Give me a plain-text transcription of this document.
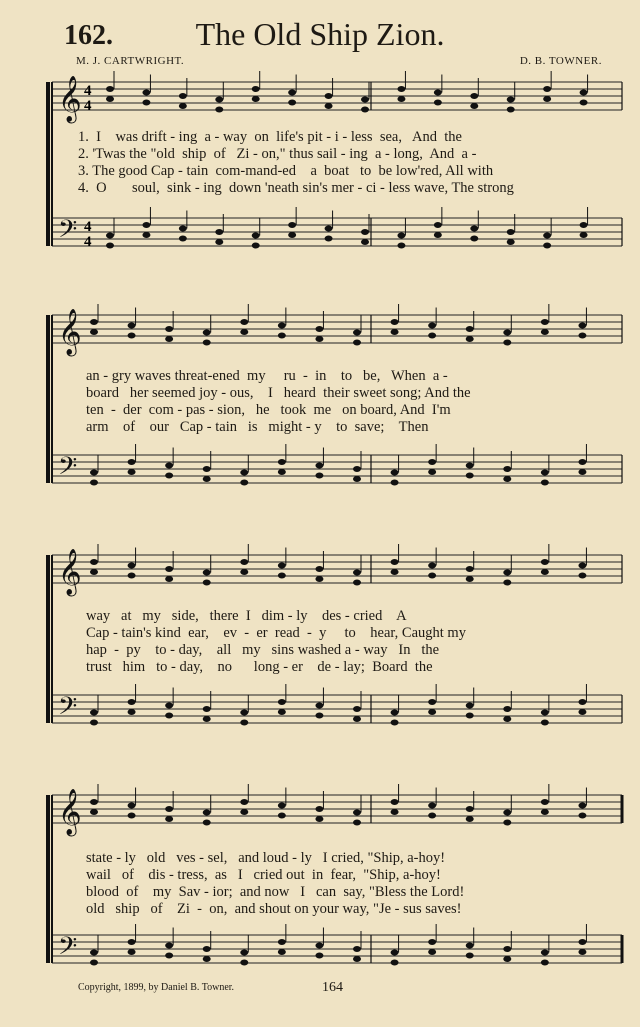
162.	The Old Ship Zion.
M. J. CARTWRIGHT.	D. B. TOWNER.
𝄞 4
4
𝄢 4
4
1.  I    was drift - ing  a - way  on  life's pit - i - less  sea,   And  the
2. 'Twas the "old  ship  of   Zi - on," thus sail - ing  a - long,  And  a -
3. The good Cap - tain  com-mand-ed    a  boat   to  be low'red, All with
4.  O       soul,  sink - ing  down 'neath sin's mer - ci - less wave, The strong
𝄞
𝄢
an - gry waves threat-ened  my     ru  -  in    to   be,   When  a -
board   her seemed joy - ous,    I   heard  their sweet song; And the
ten  -  der  com - pas - sion,   he   took  me   on board, And  I'm
arm    of    our   Cap - tain   is   might - y    to  save;    Then
𝄞
𝄢
way   at   my   side,   there  I   dim - ly    des - cried    A
Cap - tain's kind  ear,    ev  -  er  read  -  y     to    hear, Caught my
hap  -  py    to - day,    all   my   sins washed a - way   In   the
trust   him   to - day,    no      long - er    de - lay;  Board  the
𝄞
𝄢
state - ly   old   ves - sel,   and loud - ly   I cried, "Ship, a-hoy!
wail   of    dis - tress,  as   I   cried out  in  fear,  "Ship, a-hoy!
blood  of    my  Sav - ior;  and now   I   can  say, "Bless the Lord!
old   ship   of    Zi  -  on,  and shout on your way, "Je - sus saves!
Copyright, 1899, by Daniel B. Towner.	164
